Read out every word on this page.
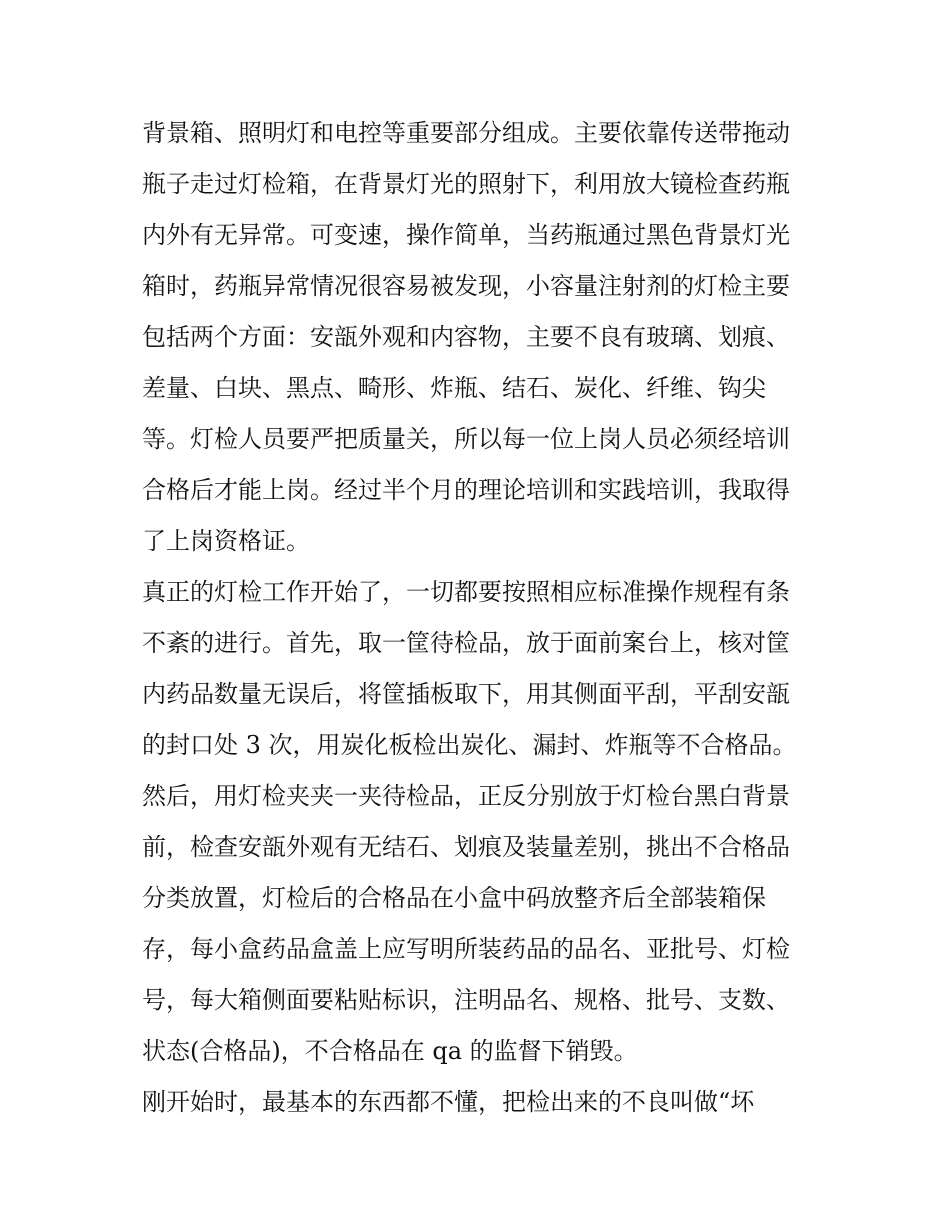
背景箱、照明灯和电控等重要部分组成。主要依靠传送带拖动
瓶子走过灯检箱，在背景灯光的照射下，利用放大镜检查药瓶
内外有无异常。可变速，操作简单，当药瓶通过黑色背景灯光
箱时，药瓶异常情况很容易被发现，小容量注射剂的灯检主要
包括两个方面：安瓿外观和内容物，主要不良有玻璃、划痕、
差量、白块、黑点、畸形、炸瓶、结石、炭化、纤维、钩尖
等。灯检人员要严把质量关，所以每一位上岗人员必须经培训
合格后才能上岗。经过半个月的理论培训和实践培训，我取得
了上岗资格证。
真正的灯检工作开始了，一切都要按照相应标准操作规程有条
不紊的进行。首先，取一筐待检品，放于面前案台上，核对筐
内药品数量无误后，将筐插板取下，用其侧面平刮，平刮安瓿
的封口处 3 次，用炭化板检出炭化、漏封、炸瓶等不合格品。
然后，用灯检夹夹一夹待检品，正反分别放于灯检台黑白背景
前，检查安瓿外观有无结石、划痕及装量差别，挑出不合格品
分类放置，灯检后的合格品在小盒中码放整齐后全部装箱保
存，每小盒药品盒盖上应写明所装药品的品名、亚批号、灯检
号，每大箱侧面要粘贴标识，注明品名、规格、批号、支数、
状态(合格品)，不合格品在 qa 的监督下销毁。
刚开始时，最基本的东西都不懂，把检出来的不良叫做“坏
